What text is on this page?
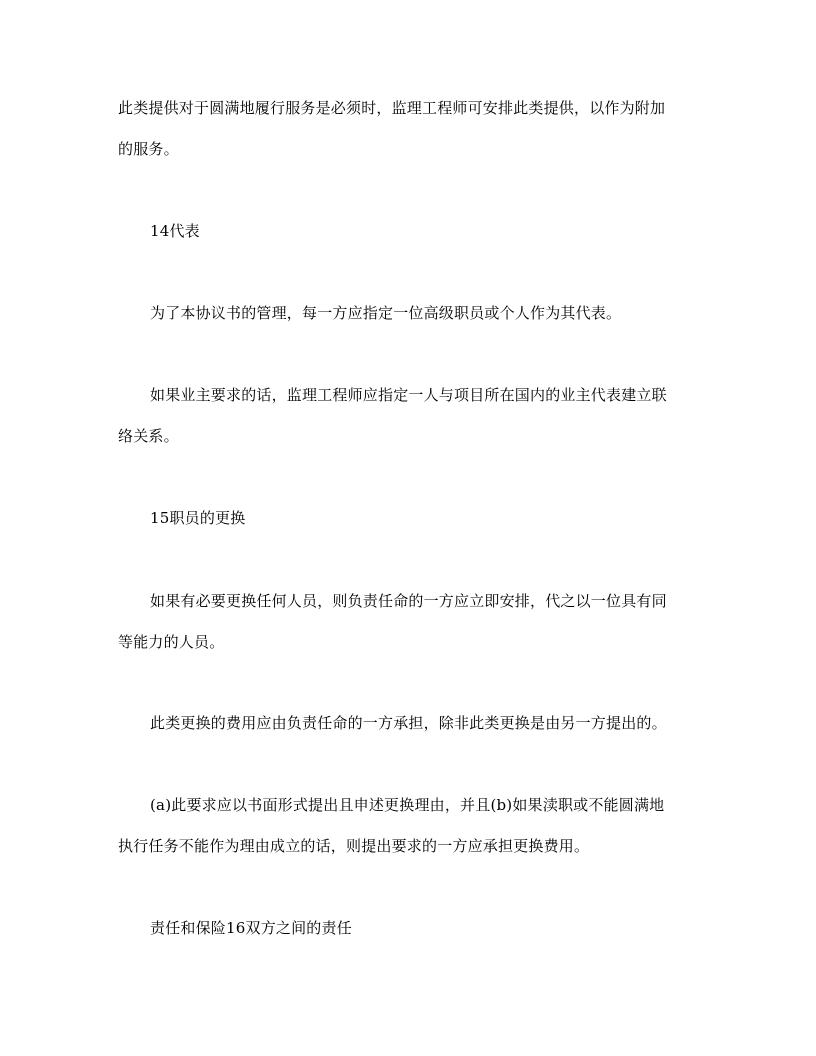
此类提供对于圆满地履行服务是必须时，监理工程师可安排此类提供，以作为附加
的服务。
14代表
为了本协议书的管理，每一方应指定一位高级职员或个人作为其代表。
如果业主要求的话，监理工程师应指定一人与项目所在国内的业主代表建立联
络关系。
15职员的更换
如果有必要更换任何人员，则负责任命的一方应立即安排，代之以一位具有同
等能力的人员。
此类更换的费用应由负责任命的一方承担，除非此类更换是由另一方提出的。
(a)此要求应以书面形式提出且申述更换理由，并且(b)如果渎职或不能圆满地
执行任务不能作为理由成立的话，则提出要求的一方应承担更换费用。
责任和保险16双方之间的责任
